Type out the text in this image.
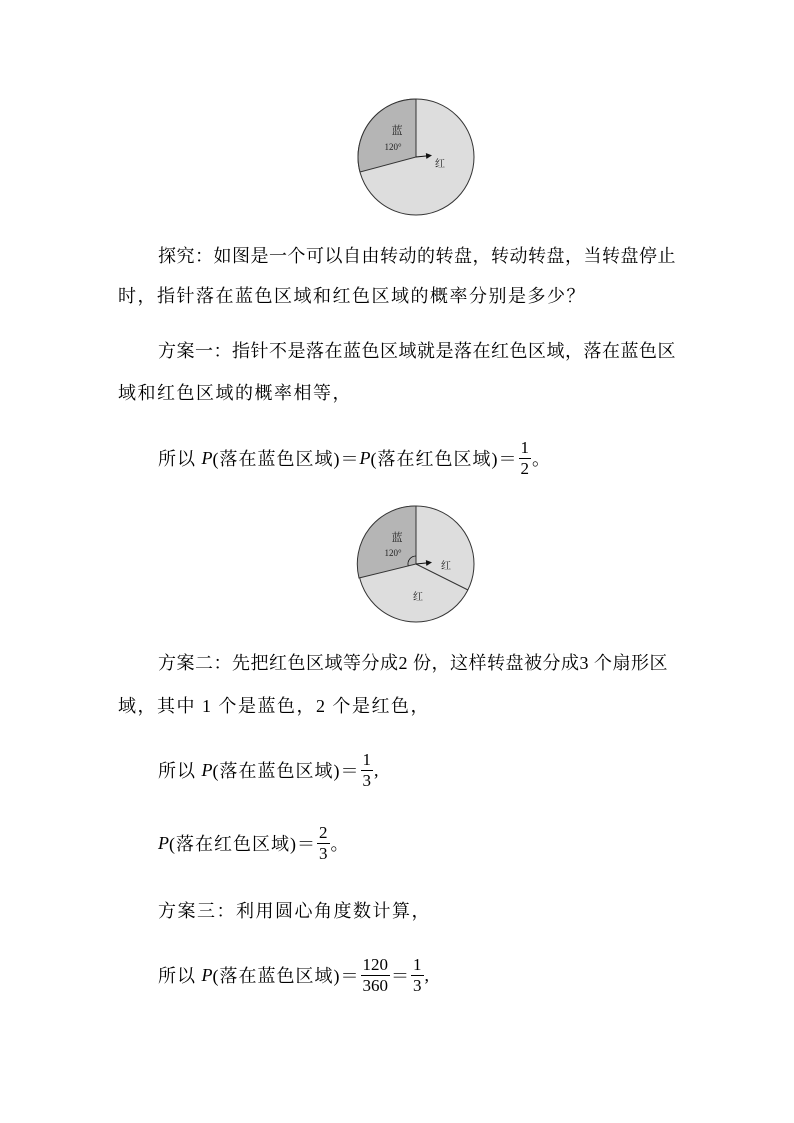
蓝
120°
红
探究：如图是一个可以自由转动的转盘，转动转盘，当转盘停止
时，指针落在蓝色区域和红色区域的概率分别是多少？
方案一：指针不是落在蓝色区域就是落在红色区域，落在蓝色区
域和红色区域的概率相等，
所以 P (落在蓝色区域)＝ P (落在红色区域)＝ $\frac{1}{2}$ 。
蓝
120°
红
红
方案二：先把红色区域等分成2 份，这样转盘被分成3 个扇形区
域，其中 1 个是蓝色，2 个是红色，
所以 P (落在蓝色区域)＝ $\frac{1}{3}$ ,
P (落在红色区域)＝ $\frac{2}{3}$ 。
方案三：利用圆心角度数计算，
所以 P (落在蓝色区域)＝ $\frac{120}{360} = \frac{1}{3}$ ,
